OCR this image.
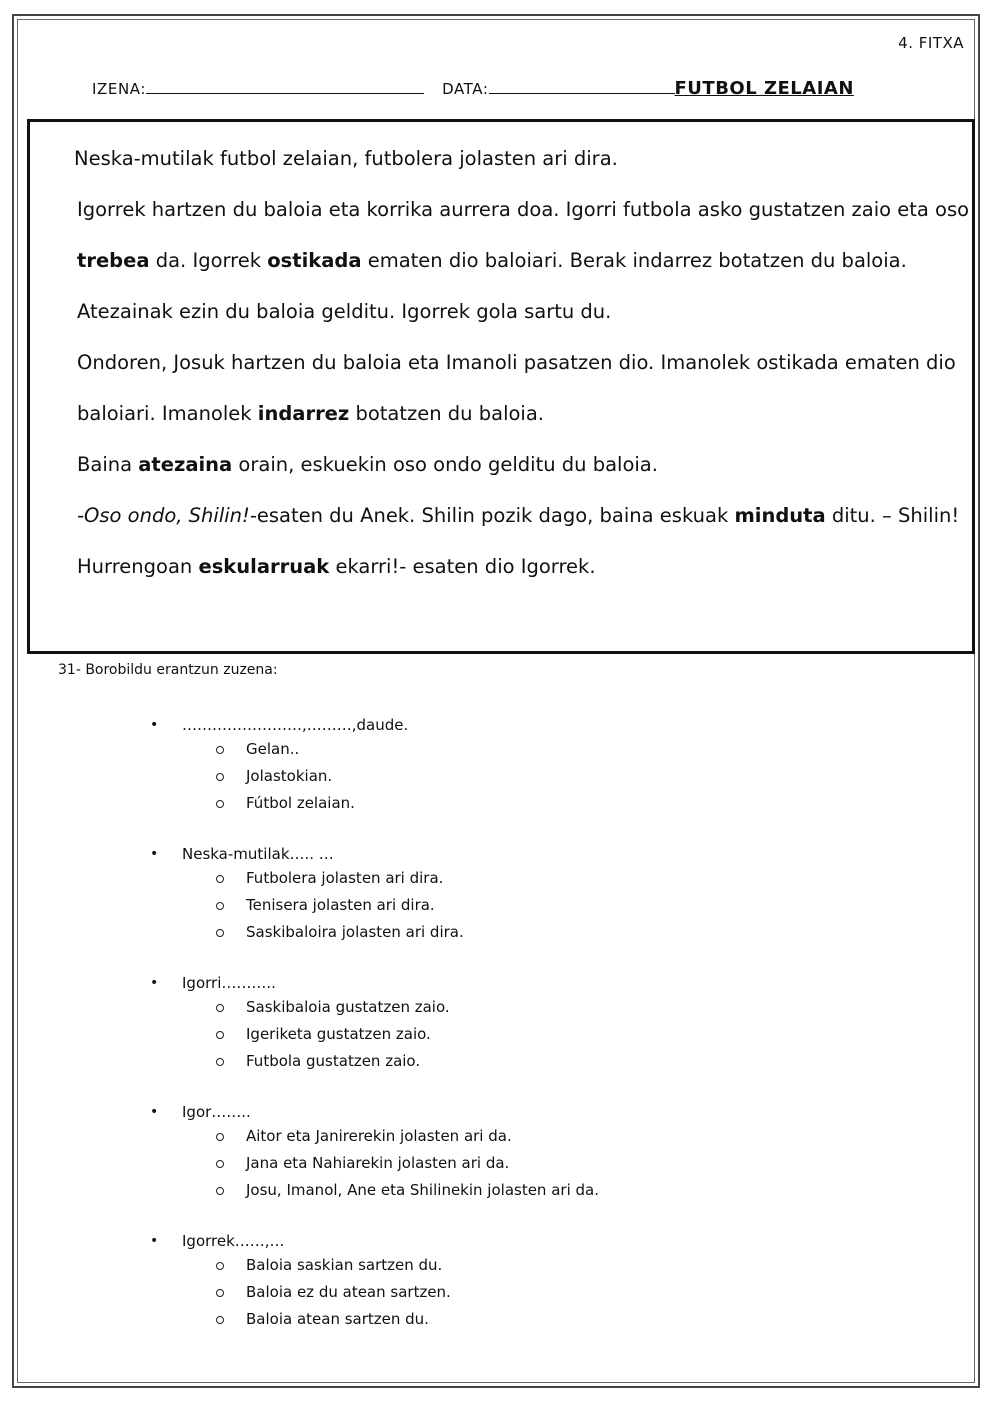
4. FITXA
IZENA:	DATA:	FUTBOL ZELAIAN

Neska-mutilak futbol zelaian, futbolera jolasten ari dira.

Igorrek hartzen du baloia eta korrika aurrera doa. Igorri futbola asko gustatzen zaio eta oso trebea da. Igorrek ostikada ematen dio baloiari. Berak indarrez botatzen du baloia. Atezainak ezin du baloia gelditu. Igorrek gola sartu du.

Ondoren, Josuk hartzen du baloia eta Imanoli pasatzen dio. Imanolek ostikada ematen dio baloiari. Imanolek indarrez botatzen du baloia.

Baina atezaina orain, eskuekin oso ondo gelditu du baloia.

-Oso ondo, Shilin!-esaten du Anek. Shilin pozik dago, baina eskuak minduta ditu. – Shilin! Hurrengoan eskularruak ekarri!- esaten dio Igorrek.

31- Borobildu erantzun zuzena:
• ……………………,………,daude.
Gelan..
Jolastokian.
Fútbol zelaian.
• Neska-mutilak….. …
Futbolera jolasten ari dira.
Tenisera jolasten ari dira.
Saskibaloira jolasten ari dira.
• Igorri………..
Saskibaloia gustatzen zaio.
Igeriketa gustatzen zaio.
Futbola gustatzen zaio.
• Igor……..
Aitor eta Janirerekin jolasten ari da.
Jana eta Nahiarekin jolasten ari da.
Josu, Imanol, Ane eta Shilinekin jolasten ari da.
• Igorrek……,…
Baloia saskian sartzen du.
Baloia ez du atean sartzen.
Baloia atean sartzen du.
